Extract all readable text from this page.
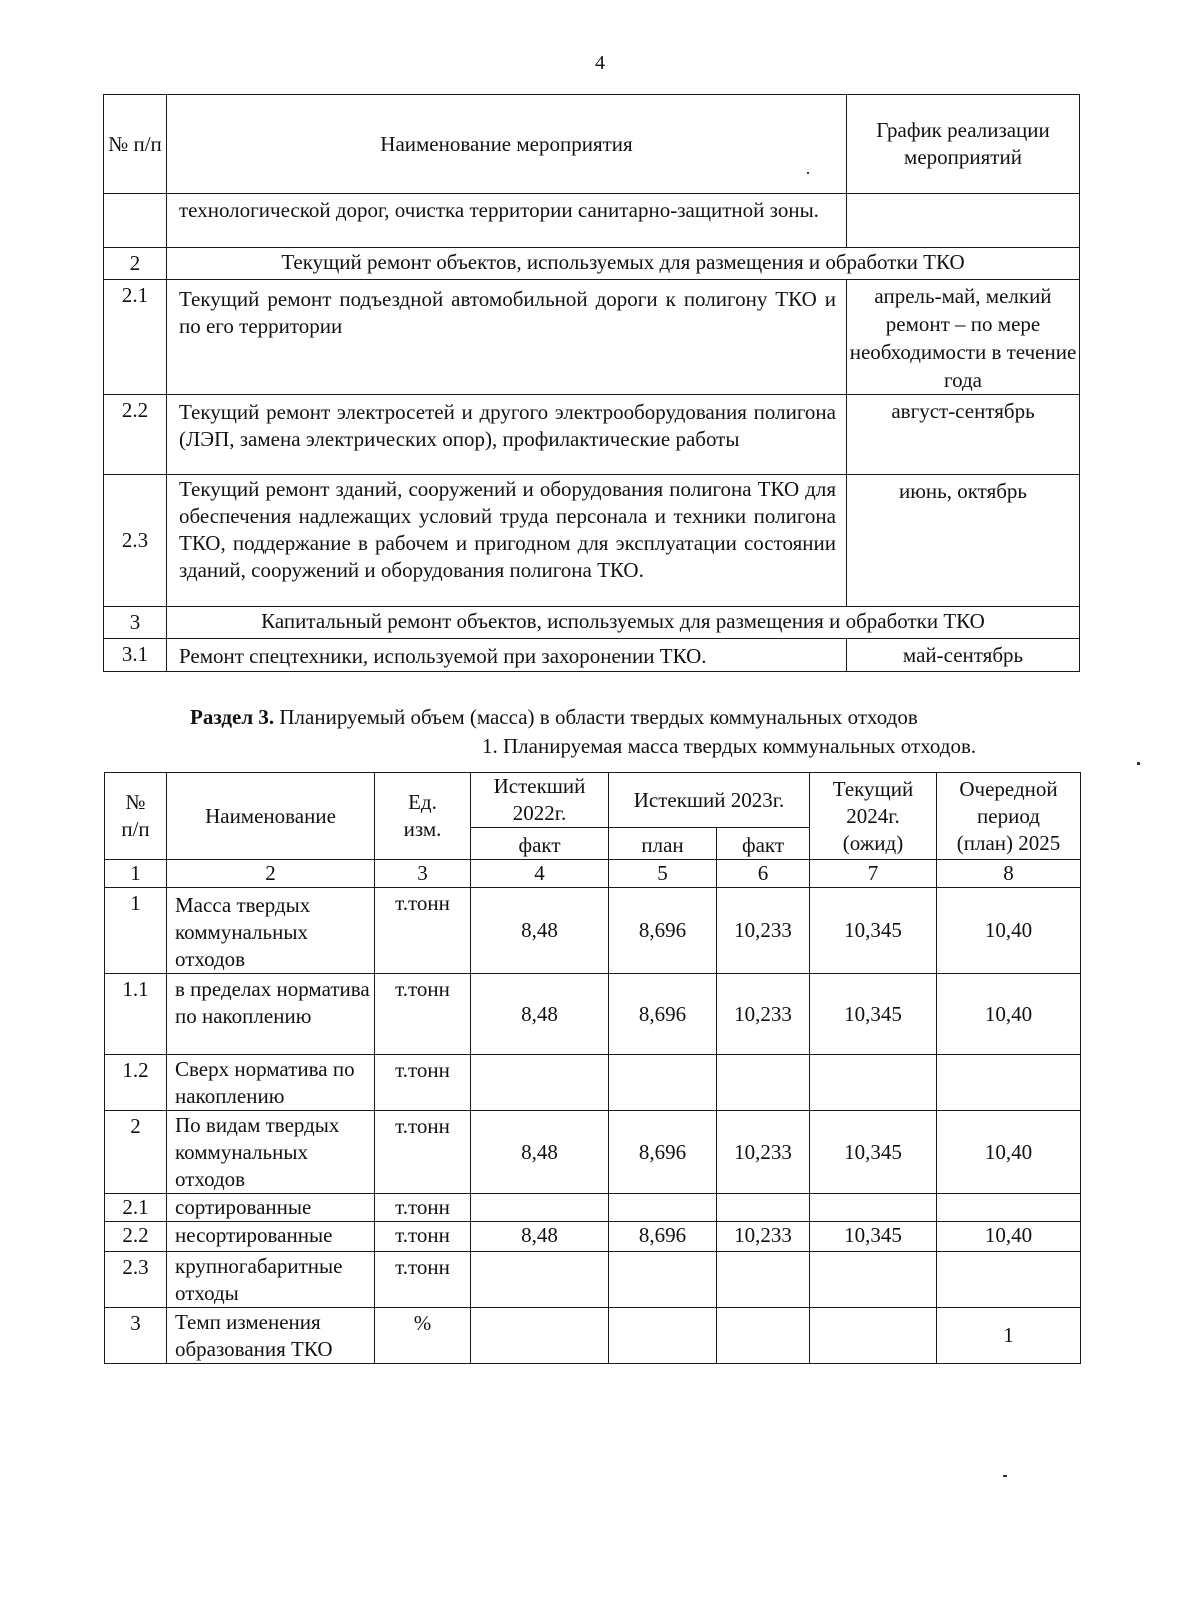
4
№ п/п	Наименование мероприятия	График реализации мероприятий
	технологической дорог, очистка территории санитарно-защитной зоны.	
2	Текущий ремонт объектов, используемых для размещения и обработки ТКО	
2.1	Текущий ремонт подъездной автомобильной дороги к полигону ТКО и по его территории	апрель-май, мелкий ремонт – по мере необходимости в течение года
2.2	Текущий ремонт электросетей и другого электрооборудования полигона (ЛЭП, замена электрических опор), профилактические работы	август-сентябрь
2.3	Текущий ремонт зданий, сооружений и оборудования полигона ТКО для обеспечения надлежащих условий труда персонала и техники полигона ТКО, поддержание в рабочем и пригодном для эксплуатации состоянии зданий, сооружений и оборудования полигона ТКО.	июнь, октябрь
3	Капитальный ремонт объектов, используемых для размещения и обработки ТКО	
3.1	Ремонт спецтехники, используемой при захоронении ТКО.	май-сентябрь
Раздел 3. Планируемый объем (масса) в области твердых коммунальных отходов
1. Планируемая масса твердых коммунальных отходов.
№ п/п	Наименование	Ед. изм.	Истекший 2022г.	Истекший 2023г.		Текущий 2024г. (ожид)	Очередной период (план) 2025
			факт	план	факт		
1	2	3	4	5	6	7	8
1	Масса твердых коммунальных отходов	т.тонн	8,48	8,696	10,233	10,345	10,40
1.1	в пределах норматива по накоплению	т.тонн	8,48	8,696	10,233	10,345	10,40
1.2	Сверх норматива по накоплению	т.тонн					
2	По видам твердых коммунальных отходов	т.тонн	8,48	8,696	10,233	10,345	10,40
2.1	сортированные	т.тонн					
2.2	несортированные	т.тонн	8,48	8,696	10,233	10,345	10,40
2.3	крупногабаритные отходы	т.тонн					
3	Темп изменения образования ТКО	%					1
